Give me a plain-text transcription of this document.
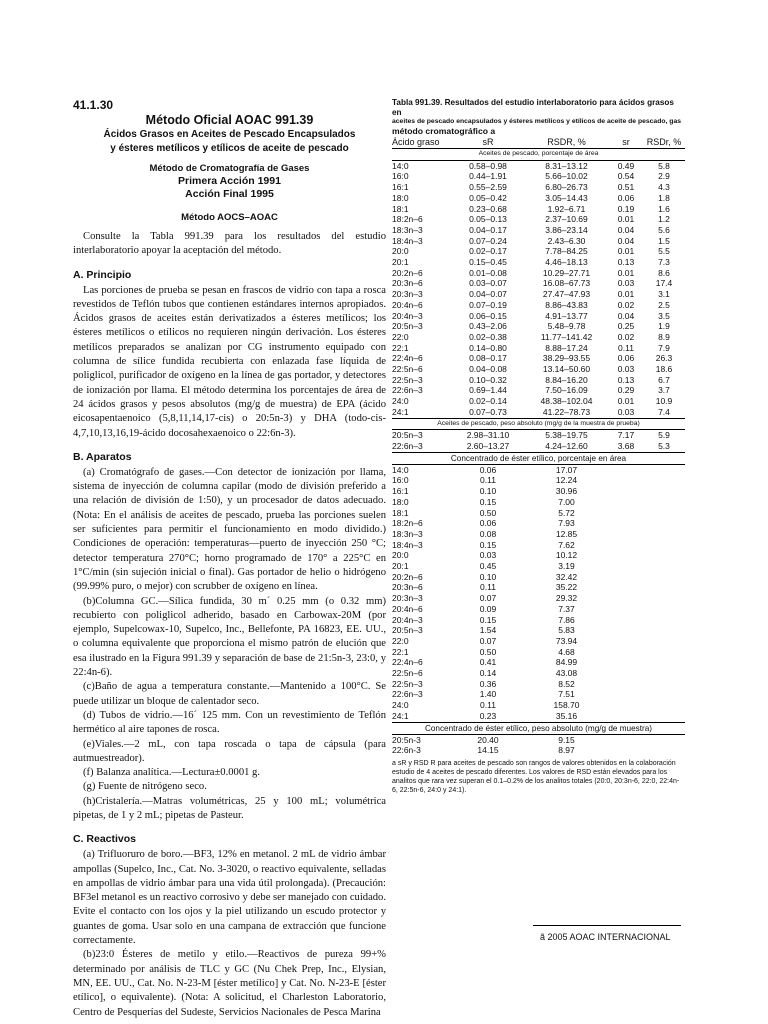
41.1.30
Método Oficial AOAC 991.39
Ácidos Grasos en Aceites de Pescado Encapsulados
y ésteres metílicos y etílicos de aceite de pescado
Método de Cromatografía de Gases
Primera Acción 1991
Acción Final 1995
Método AOCS–AOAC

Consulte la Tabla 991.39 para los resultados del estudio interlaboratorio apoyar la aceptación del método.

A. Principio

Las porciones de prueba se pesan en frascos de vidrio con tapa a rosca revestidos de Teflón tubos que contienen estándares internos apropiados. Ácidos grasos de aceites están derivatizados a ésteres metílicos; los ésteres metílicos o etílicos no requieren ningún derivación. Los ésteres metílicos preparados se analizan por CG instrumento equipado con columna de sílice fundida recubierta con enlazada fase líquida de poliglicol, purificador de oxígeno en la línea de gas portador, y detectores de ionización por llama. El método determina los porcentajes de área de 24 ácidos grasos y pesos absolutos (mg/g de muestra) de EPA (ácido eicosapentaenoico (5,8,11,14,17-cis) o 20:5n-3) y DHA (todo-cis-4,7,10,13,16,19-ácido docosahexaenoico o 22:6n-3).

B. Aparatos

(a) Cromatógrafo de gases.—Con detector de ionización por llama, sistema de inyección de columna capilar (modo de división preferido a una relación de división de 1:50), y un procesador de datos adecuado. (Nota: En el análisis de aceites de pescado, prueba las porciones suelen ser suficientes para permitir el funcionamiento en modo dividido.) Condiciones de operación: temperaturas—puerto de inyección 250 °C; detector temperatura 270°C; horno programado de 170° a 225°C en 1°C/min (sin sujeción inicial o final). Gas portador de helio o hidrógeno (99.99% puro, o mejor) con scrubber de oxígeno en línea.

(b)Columna GC.—Sílica fundida, 30 m´ 0.25 mm (o 0.32 mm) recubierto con poliglicol adherido, basado en Carbowax-20M (por ejemplo, Supelcowax-10, Supelco, Inc., Bellefonte, PA 16823, EE. UU., o columna equivalente que proporciona el mismo patrón de elución que esa ilustrado en la Figura 991.39 y separación de base de 21:5n-3, 23:0, y 22:4n-6).

(c)Baño de agua a temperatura constante.—Mantenido a 100°C. Se puede utilizar un bloque de calentador seco.

(d) Tubos de vidrio.—16´ 125 mm. Con un revestimiento de Teflón hermético al aire tapones de rosca.

(e)Viales.—2 mL, con tapa roscada o tapa de cápsula (para autmuestreador).

(f) Balanza analítica.—Lectura±0.0001 g.

(g) Fuente de nitrógeno seco.

(h)Cristalería.—Matras volumétricas, 25 y 100 mL; volumétrica pipetas, de 1 y 2 mL; pipetas de Pasteur.

C. Reactivos

(a) Trifluoruro de boro.—BF3, 12% en metanol. 2 mL de vidrio ámbar ampollas (Supelco, Inc., Cat. No. 3-3020, o reactivo equivalente, selladas en ampollas de vidrio ámbar para una vida útil prolongada). (Precaución: BF3el metanol es un reactivo corrosivo y debe ser manejado con cuidado. Evite el contacto con los ojos y la piel utilizando un escudo protector y guantes de goma. Usar solo en una campana de extracción que funcione correctamente.

(b)23:0 Ésteres de metilo y etilo.—Reactivos de pureza 99+% determinado por análisis de TLC y GC (Nu Chek Prep, Inc., Elysian, MN, EE. UU., Cat. No. N-23-M [éster metílico] y Cat. No. N-23-E [éster etílico], o equivalente). (Nota: A solicitud, el Charleston Laboratorio, Centro de Pesquerías del Sudeste, Servicios Nacionales de Pesca Marina

Tabla 991.39. Resultados del estudio interlaboratorio para ácidos grasos en
aceites de pescado encapsulados y ésteres metílicos y etílicos de aceite de pescado, gas
método cromatográfico a
Ácido graso	sR	RSDR, %	sr	RSDr, %
Aceites de pescado, porcentaje de área				
14:0	0.58–0.98	8.31–13.12	0.49	5.8
16:0	0.44–1.91	5.66–10.02	0.54	2.9
16:1	0.55–2.59	6.80–26.73	0.51	4.3
18:0	0.05–0.42	3.05–14.43	0.06	1.8
18:1	0.23–0.68	1.92–6.71	0.19	1.6
18:2n–6	0.05–0.13	2.37–10.69	0.01	1.2
18:3n–3	0.04–0.17	3.86–23.14	0.04	5.6
18:4n–3	0.07–0.24	2.43–6.30	0.04	1.5
20:0	0.02–0.17	7.78–84.25	0.01	5.5
20:1	0.15–0.45	4.46–18.13	0.13	7.3
20:2n–6	0.01–0.08	10.29–27.71	0.01	8.6
20:3n–6	0.03–0.07	16.08–67.73	0.03	17.4
20:3n–3	0.04–0.07	27.47–47.93	0.01	3.1
20:4n–6	0.07–0.19	8.86–43.83	0.02	2.5
20:4n–3	0.06–0.15	4.91–13.77	0.04	3.5
20:5n–3	0.43–2.06	5.48–9.78	0.25	1.9
22:0	0.02–0.38	11.77–141.42	0.02	8.9
22:1	0.14–0.80	8.88–17.24	0.11	7.9
22:4n–6	0.08–0.17	38.29–93.55	0.06	26.3
22:5n–6	0.04–0.08	13.14–50.60	0.03	18.6
22:5n–3	0.10–0.32	8.84–16.20	0.13	6.7
22:6n–3	0.69–1.44	7.50–16.09	0.29	3.7
24:0	0.02–0.14	48.38–102.04	0.01	10.9
24:1	0.07–0.73	41.22–78.73	0.03	7.4
Aceites de pescado, peso absoluto (mg/g de la muestra de prueba)				
20:5n–3	2.98–31.10	5.38–19.75	7.17	5.9
22:6n–3	2.60–13.27	4.24–12.60	3.68	5.3
Concentrado de éster etílico, porcentaje en área				
14:0	0.06	17.07		
16:0	0.11	12.24		
16:1	0.10	30.96		
18:0	0.15	7.00		
18:1	0.50	5.72		
18:2n–6	0.06	7.93		
18:3n–3	0.08	12.85		
18:4n–3	0.15	7.62		
20:0	0.03	10.12		
20:1	0.45	3.19		
20:2n–6	0.10	32.42		
20:3n–6	0.11	35.22		
20:3n–3	0.07	29.32		
20:4n–6	0.09	7.37		
20:4n–3	0.15	7.86		
20:5n–3	1.54	5.83		
22:0	0.07	73.94		
22:1	0.50	4.68		
22:4n–6	0.41	84.99		
22:5n–6	0.14	43.08		
22:5n–3	0.36	8.52		
22:6n–3	1.40	7.51		
24:0	0.11	158.70		
24:1	0.23	35.16		
Concentrado de éster etílico, peso absoluto (mg/g de muestra)				
20:5n-3	20.40	9.15		
22:6n-3	14.15	8.97		
a sR y RSD R para aceites de pescado son rangos de valores obtenidos en la colaboración estudio de 4 aceites de pescado diferentes. Los valores de RSD están elevados para los analitos que rara vez superan el 0.1–0.2% de los analitos totales (20:0, 20:3n-6, 22:0, 22:4n-6, 22:5n-6, 24:0 y 24:1).
ã 2005 AOAC INTERNACIONAL
